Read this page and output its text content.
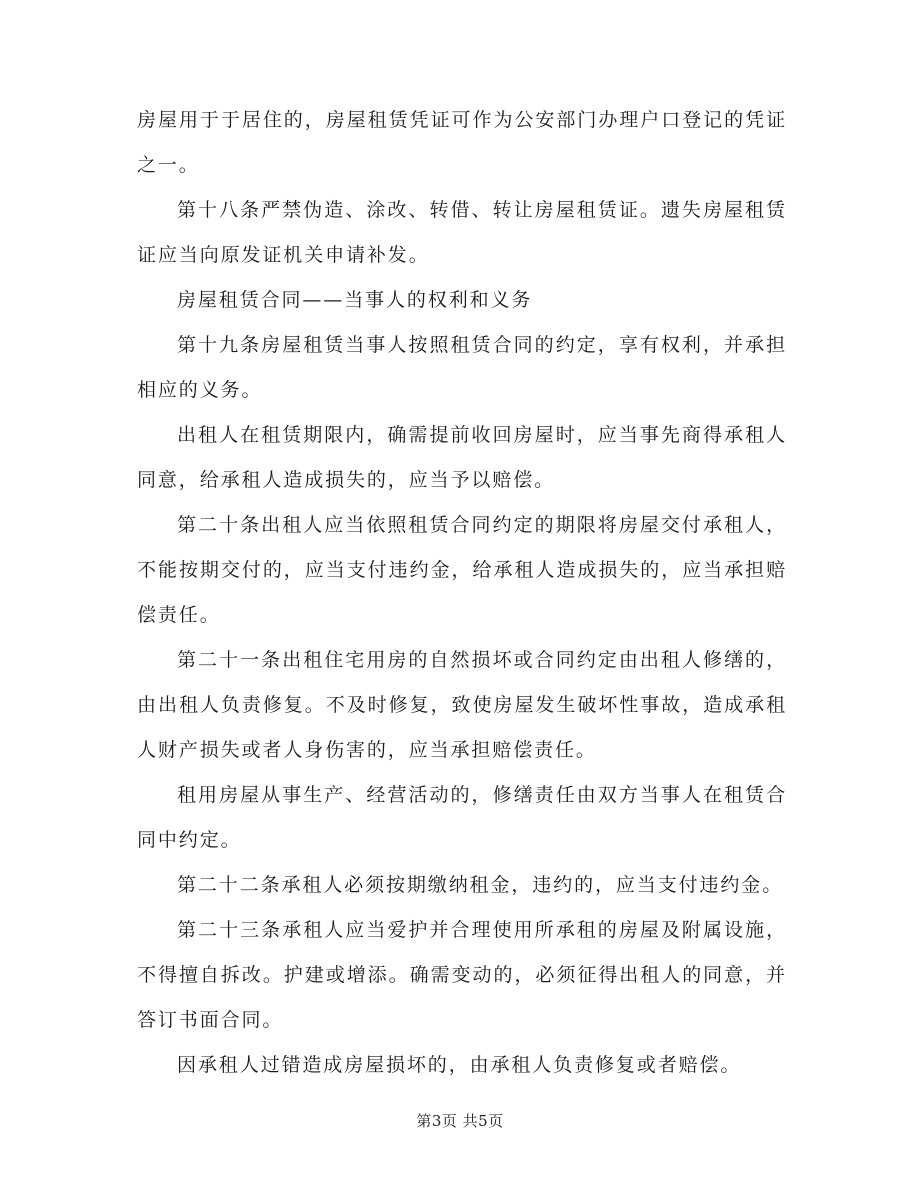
房屋用于于居住的，房屋租赁凭证可作为公安部门办理户口登记的凭证之一。

第十八条严禁伪造、涂改、转借、转让房屋租赁证。遗失房屋租赁证应当向原发证机关申请补发。

房屋租赁合同——当事人的权利和义务

第十九条房屋租赁当事人按照租赁合同的约定，享有权利，并承担相应的义务。

出租人在租赁期限内，确需提前收回房屋时，应当事先商得承租人同意，给承租人造成损失的，应当予以赔偿。

第二十条出租人应当依照租赁合同约定的期限将房屋交付承租人，不能按期交付的，应当支付违约金，给承租人造成损失的，应当承担赔偿责任。

第二十一条出租住宅用房的自然损坏或合同约定由出租人修缮的，由出租人负责修复。不及时修复，致使房屋发生破坏性事故，造成承租人财产损失或者人身伤害的，应当承担赔偿责任。

租用房屋从事生产、经营活动的，修缮责任由双方当事人在租赁合同中约定。

第二十二条承租人必须按期缴纳租金，违约的，应当支付违约金。

第二十三条承租人应当爱护并合理使用所承租的房屋及附属设施，不得擅自拆改。护建或增添。确需变动的，必须征得出租人的同意，并答订书面合同。

因承租人过错造成房屋损坏的，由承租人负责修复或者赔偿。

第3页 共5页
